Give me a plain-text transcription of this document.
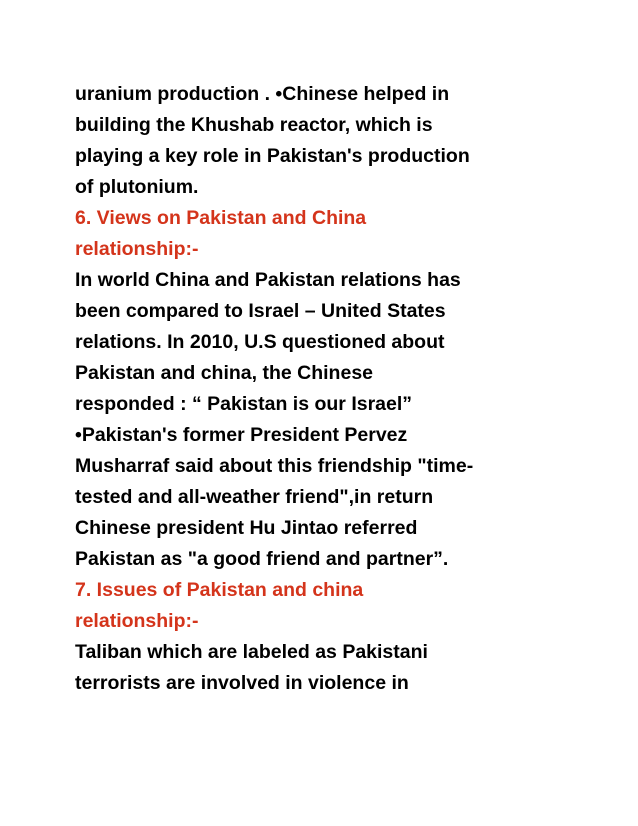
uranium production . •Chinese helped in
building the Khushab reactor, which is
playing a key role in Pakistan's production
of plutonium.
6. Views on Pakistan and China
relationship:-
In world China and Pakistan relations has
been compared to Israel – United States
relations. In 2010, U.S questioned about
Pakistan and china, the Chinese
responded : “ Pakistan is our Israel”
•Pakistan's former President Pervez
Musharraf said about this friendship "time-
tested and all-weather friend",in return
Chinese president Hu Jintao referred
Pakistan as "a good friend and partner”.
7. Issues of Pakistan and china
relationship:-
Taliban which are labeled as Pakistani
terrorists are involved in violence in
